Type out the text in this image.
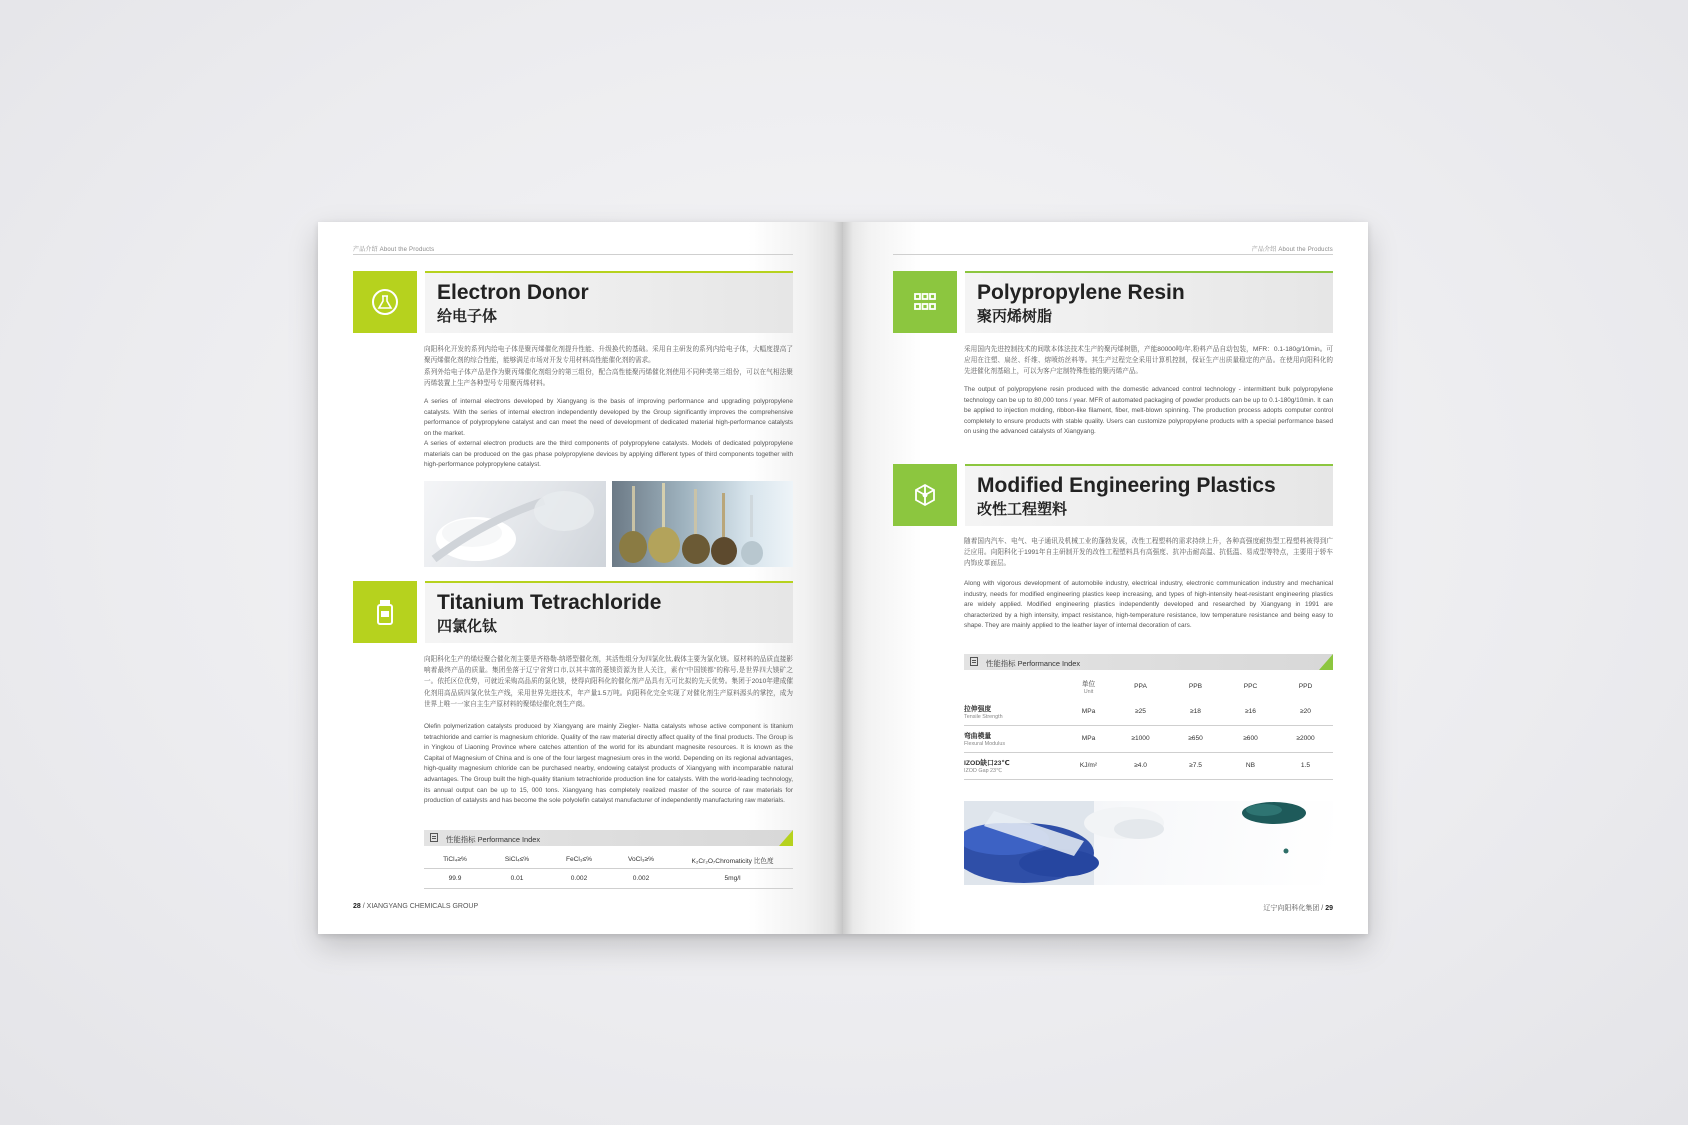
产品介绍 About the Products
Electron Donor
给电子体

向阳科化开发的系列内给电子体是聚丙烯催化剂提升性能、升级换代的基础。采用自主研发的系列内给电子体，大幅度提高了聚丙烯催化剂的综合性能，能够满足市场对开发专用材料高性能催化剂的需求。

系列外给电子体产品是作为聚丙烯催化剂组分的第三组份，配合高性能聚丙烯催化剂使用不同种类第三组份，可以在气相法聚丙烯装置上生产各种型号专用聚丙烯材料。

A series of internal electrons developed by Xiangyang is the basis of improving performance and upgrading polypropylene catalysts. With the series of internal electron independently developed by the Group significantly improves the comprehensive performance of polypropylene catalyst and can meet the need of development of dedicated material high-performance catalysts on the market.

A series of external electron products are the third components of polypropylene catalysts. Models of dedicated polypropylene materials can be produced on the gas phase polypropylene devices by applying different types of third components together with high-performance polypropylene catalyst.

Titanium Tetrachloride
四氯化钛

向阳科化生产的烯烃聚合催化剂主要是齐格勒-纳塔型催化剂，其活性组分为四氯化钛,载体主要为氯化镁。原材料的品质直接影响着最终产品的质量。集团坐落于辽宁省营口市,以其丰富的菱镁资源为世人关注，素有“中国镁都”的称号,是世界四大镁矿之一。依托区位优势，可就近采购高品质的氯化镁，使得向阳科化的催化剂产品具有无可比拟的先天优势。集团于2010年建成催化剂用高品质四氯化钛生产线，采用世界先进技术，年产量1.5万吨。向阳科化完全实现了对催化剂生产原料源头的掌控，成为世界上唯一一家自主生产原材料的聚烯烃催化剂生产商。

Olefin polymerization catalysts produced by Xiangyang are mainly Ziegler- Natta catalysts whose active component is titanium tetrachloride and carrier is magnesium chloride. Quality of the raw material directly affect quality of the final products. The Group is in Yingkou of Liaoning Province where catches attention of the world for its abundant magnesite resources. It is known as the Capital of Magnesium of China and is one of the four largest magnesium ores in the world. Depending on its regional advantages, high-quality magnesium chloride can be purchased nearby, endowing catalyst products of Xiangyang with incomparable natural advantages. The Group built the high-quality titanium tetrachloride production line for catalysts. With the world-leading technology, its annual output can be up to 15, 000 tons. Xiangyang has completely realized master of the source of raw materials for production of catalysts and has become the sole polyolefin catalyst manufacturer of independently manufacturing raw materials.

性能指标 Performance Index
TiCl₄≥%	SiCl₄≤%	FeCl₃≤%	VoCl₃≥%	K₂Cr₂O₇Chromaticity 比色度
99.9	0.01	0.002	0.002	5mg/l
28 / XIANGYANG CHEMICALS GROUP
产品介绍 About the Products
Polypropylene Resin
聚丙烯树脂

采用国内先进控制技术的间歇本体法技术生产的聚丙烯树脂，产能80000吨/年,粉料产品自动包装，MFR：0.1-180g/10min。可应用在注塑、扁丝、纤维、熔喷纺丝料等。其生产过程完全采用计算机控制，保证生产出质量稳定的产品。在使用向阳科化的先进催化剂基础上，可以为客户定制特殊性能的聚丙烯产品。

The output of polypropylene resin produced with the domestic advanced control technology - intermittent bulk polypropylene technology can be up to 80,000 tons / year. MFR of automated packaging of powder products can be up to 0.1-180g/10min. It can be applied to injection molding, ribbon-like filament, fiber, melt-blown spinning. The production process adopts computer control completely to ensure products with stable quality. Users can customize polypropylene products with a special performance based on using the advanced catalysts of Xiangyang.

Modified Engineering Plastics
改性工程塑料

随着国内汽车、电气、电子通讯及机械工业的蓬勃发展，改性工程塑料的需求持续上升，各种高强度耐热型工程塑料被得到广泛应用。向阳科化于1991年自主研制开发的改性工程塑料具有高强度、抗冲击耐高温、抗低温、易成型等特点，主要用于轿车内饰皮革面层。

Along with vigorous development of automobile industry, electrical industry, electronic communication industry and mechanical industry, needs for modified engineering plastics keep increasing, and types of high-intensity heat-resistant engineering plastics are widely applied. Modified engineering plastics independently developed and researched by Xiangyang in 1991 are characterized by a high intensity, impact resistance, high-temperature resistance, low temperature resistance and being easy to shape. They are mainly applied to the leather layer of internal decoration of cars.

性能指标 Performance Index

	单位
Unit	PPA	PPB	PPC	PPD

拉伸强度
Tensile Strength	MPa	≥25	≥18	≥16	≥20

弯曲模量
Flexural Modulus	MPa	≥1000	≥650	≥600	≥2000

IZOD缺口23℃
IZOD Gap 23℃	KJ/m²	≥4.0	≥7.5	NB	1.5
辽宁向阳科化集团 / 29
